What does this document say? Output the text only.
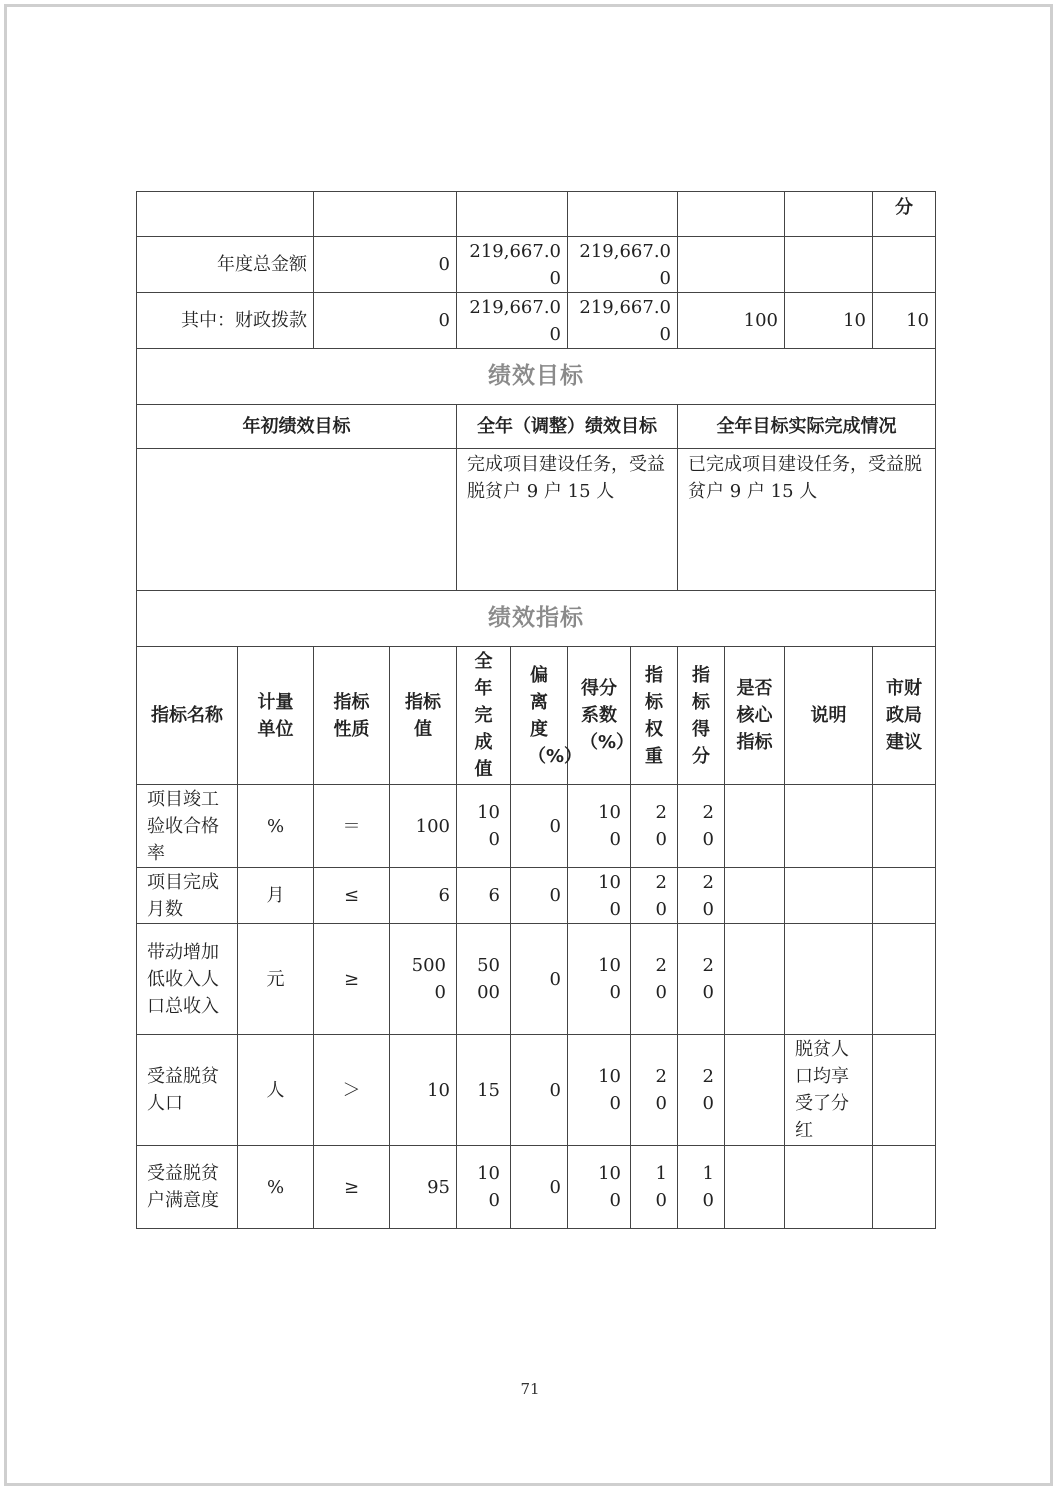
											分
年度总金额		0		219,667.00		219,667.00					
其中：财政拨款		0		219,667.00		219,667.00		100		10	10
绩效目标											
年初绩效目标				全年（调整）绩效目标				全年目标实际完成情况			
				完成项目建设任务，受益脱贫户 9 户 15 人				已完成项目建设任务，受益脱贫户 9 户 15 人			
绩效指标											
指标名称	计量单位	指标性质	指标值	全年完成值	偏离度（%）	得分系数（%）	指标权重	指标得分	是否核心指标	说明	市财政局建议
项目竣工验收合格率	%	＝	100	100	0	100	20	20			
项目完成月数	月	≤	6	6	0	100	20	20			
带动增加低收入人口总收入	元	≥	5000	5000	0	100	20	20			
受益脱贫人口	人	＞	10	15	0	100	20	20		脱贫人口均享受了分红	
受益脱贫户满意度	%	≥	95	100	0	100	10	10			
71
